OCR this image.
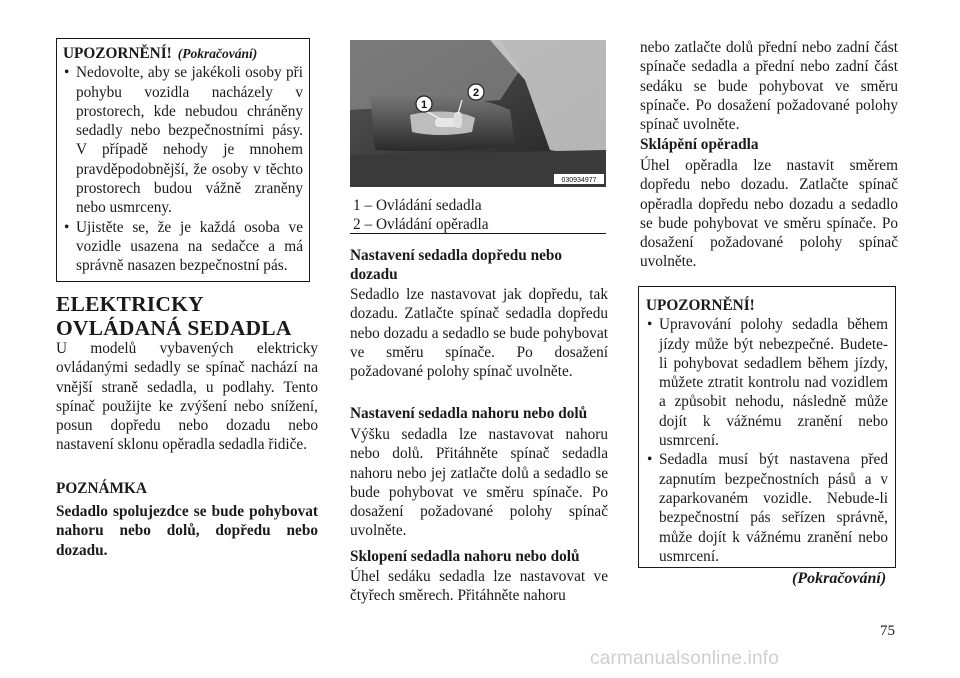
UPOZORNĚNÍ! (Pokračování)
• Nedovolte, aby se jakékoli osoby při pohybu vozidla nacházely v prostorech, kde nebudou chráněny sedadly nebo bezpečnostními pásy. V případě nehody je mnohem pravděpodobnější, že osoby v těchto prostorech budou vážně zraněny nebo usmrceny.
• Ujistěte se, že je každá osoba ve vozidle usazena na sedačce a má správně nasazen bezpečnostní pás.
ELEKTRICKY OVLÁDANÁ SEDADLA

U modelů vybavených elektricky ovládanými sedadly se spínač nachází na vnější straně sedadla, u podlahy. Tento spínač použijte ke zvýšení nebo snížení, posun dopředu nebo dozadu nebo nastavení sklonu opěradla sedadla řidiče.

POZNÁMKA

Sedadlo spolujezdce se bude pohybovat nahoru nebo dolů, dopředu nebo dozadu.

1
2
030934977
1 – Ovládání sedadla
2 – Ovládání opěradla
Nastavení sedadla dopředu nebo dozadu

Sedadlo lze nastavovat jak dopředu, tak dozadu. Zatlačte spínač sedadla dopředu nebo dozadu a sedadlo se bude pohybovat ve směru spínače. Po dosažení požadované polohy spínač uvolněte.

Nastavení sedadla nahoru nebo dolů

Výšku sedadla lze nastavovat nahoru nebo dolů. Přitáhněte spínač sedadla nahoru nebo jej zatlačte dolů a sedadlo se bude pohybovat ve směru spínače. Po dosažení požadované polohy spínač uvolněte.

Sklopení sedadla nahoru nebo dolů

Úhel sedáku sedadla lze nastavovat ve čtyřech směrech. Přitáhněte nahoru

nebo zatlačte dolů přední nebo zadní část spínače sedadla a přední nebo zadní část sedáku se bude pohybovat ve směru spínače. Po dosažení požadované polohy spínač uvolněte.

Sklápění opěradla

Úhel opěradla lze nastavit směrem dopředu nebo dozadu. Zatlačte spínač opěradla dopředu nebo dozadu a sedadlo se bude pohybovat ve směru spínače. Po dosažení požadované polohy spínač uvolněte.

UPOZORNĚNÍ!
• Upravování polohy sedadla během jízdy může být nebezpečné. Budete-li pohybovat sedadlem během jízdy, můžete ztratit kontrolu nad vozidlem a způsobit nehodu, následně může dojít k vážnému zranění nebo usmrcení.
• Sedadla musí být nastavena před zapnutím bezpečnostních pásů a v zaparkovaném vozidle. Nebude-li bezpečnostní pás seřízen správně, může dojít k vážnému zranění nebo usmrcení.
(Pokračování)
75
carmanualsonline.info
